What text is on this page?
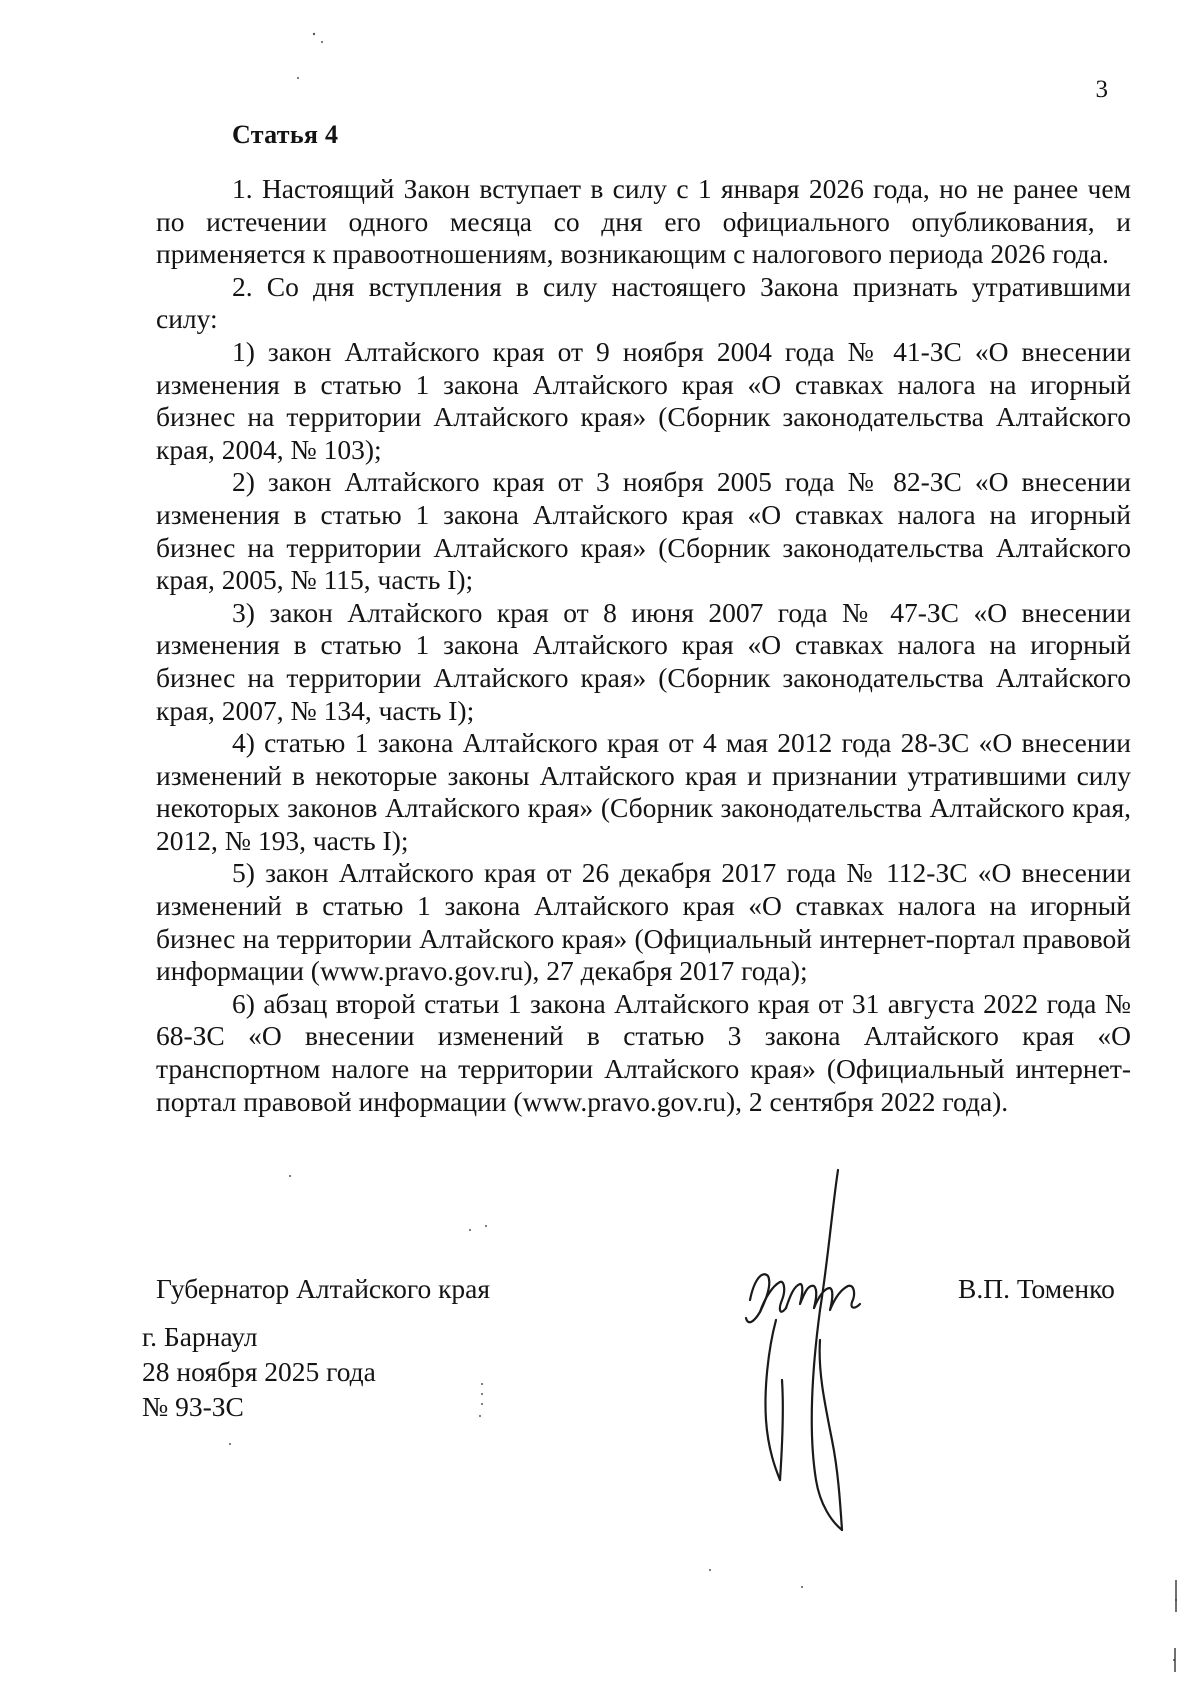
3
Статья 4

1. Настоящий Закон вступает в силу с 1 января 2026 года, но не ранее чем по истечении одного месяца со дня его официального опубликования, и применяется к правоотношениям, возникающим с налогового периода 2026 года.

2. Со дня вступления в силу настоящего Закона признать утратившими силу:

1) закон Алтайского края от 9 ноября 2004 года № 41-ЗС «О внесении изменения в статью 1 закона Алтайского края «О ставках налога на игорный бизнес на территории Алтайского края» (Сборник законодательства Алтайского края, 2004, № 103);

2) закон Алтайского края от 3 ноября 2005 года № 82-ЗС «О внесении изменения в статью 1 закона Алтайского края «О ставках налога на игорный бизнес на территории Алтайского края» (Сборник законодательства Алтайского края, 2005, № 115, часть I);

3) закон Алтайского края от 8 июня 2007 года № 47-ЗС «О внесении изменения в статью 1 закона Алтайского края «О ставках налога на игорный бизнес на территории Алтайского края» (Сборник законодательства Алтайского края, 2007, № 134, часть I);

4) статью 1 закона Алтайского края от 4 мая 2012 года 28-ЗС «О внесении изменений в некоторые законы Алтайского края и признании утратившими силу некоторых законов Алтайского края» (Сборник законодательства Алтайского края, 2012, № 193, часть I);

5) закон Алтайского края от 26 декабря 2017 года № 112-ЗС «О внесении изменений в статью 1 закона Алтайского края «О ставках налога на игорный бизнес на территории Алтайского края» (Официальный интернет-портал правовой информации (www.pravo.gov.ru), 27 декабря 2017 года);

6) абзац второй статьи 1 закона Алтайского края от 31 августа 2022 года № 68-ЗС «О внесении изменений в статью 3 закона Алтайского края «О транспортном налоге на территории Алтайского края» (Официальный интернет-портал правовой информации (www.pravo.gov.ru), 2 сентября 2022 года).

Губернатор Алтайского края	В.П. Томенко
г. Барнаул
28 ноября 2025 года
№ 93-ЗС
